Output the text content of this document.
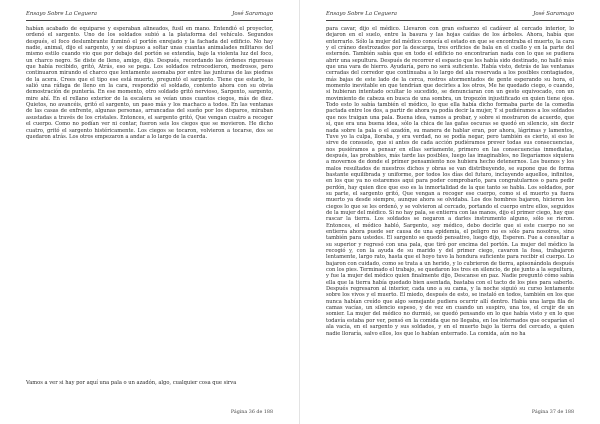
Ensayo Sobre La Ceguera	José Saramago
habían acabado de equiparse y esperaban alineados, fusil en mano. Entendió el proyector, ordenó el sargento. Uno de los soldados subió a la plataforma del vehículo. Segundos después, el foco deslumbrante iluminó el portón enrejado y la fachada del edificio. No hay nadie, animal, dijo el sargento, y se dispuso a soltar unas cuantas animalades militares del mismo estilo cuando vio que por debajo del portón se extendía, bajo la violenta luz del foco, un charco negro. Se diste de lleno, amigo, dijo. Después, recordando las órdenes rigurosas que había recibido, gritó, Atrás, eso se pega. Los soldados retrocedieron, medrosos, pero continuaron mirando el charco que lentamente asomaba por entre las junturas de las piedras de la acera. Crees que el tipo ese está muerto, preguntó el sargento. Tiene que estarlo, le salió una ráfaga de lleno en la cara, respondió el soldado, contento ahora con su obvia demostración de puntería. En ese momento, otro soldado gritó nervioso, Sargento, sargento, mire ahí. En el rellano exterior de la escalera se veían unos cuantos ciegos, más de diez. Quietos, no avancéis, gritó el sargento, un paso más y los machaco a todos. En las ventanas de las casas de enfrente, algunas personas, arrancadas del sueño por los disparos, miraban asustadas a través de los cristales. Entonces, el sargento gritó, Que vengan cuatro a recoger el cuerpo. Como no podían ver ni contar, fueron seis los ciegos que se movieron. He dicho cuatro, gritó el sargento histéricamente. Los ciegos se tocaron, volvieron a tocarse, dos se quedaron atrás. Los otros empezaron a andar a lo largo de la cuerda.
Vamos a ver si hay por aquí una pala o un azadón, algo, cualquier cosa que sirva
Página 36 de 188
Ensayo Sobre La Ceguera	José Saramago
para cavar, dijo el médico. Llevaron con gran esfuerzo el cadáver al cercado interior, lo dejaron en el suelo, entre la basura y las hojas caídas de los árboles. Ahora, había que enterrarlo. Sólo la mujer del médico conocía el estado en que se encontraba el muerto, la cara y el cráneo destrozados por la descarga, tres orificios de bala en el cuello y en la parte del esternón. También sabía que en todo el edificio no encontrarían nada con lo que se pudiera abrir una sepultura. Después de recorrer el espacio que les había sido destinado, no halló más que una vara de hierro. Ayudaría, pero no será suficiente. Había visto, detrás de las ventanas cerradas del corredor que continuaba a lo largo del ala reservada a los posibles contagiados, más bajas de este lado de la cerca, rostros atormentados de gente esperando su hora, el momento inevitable en que tendrían que decirles a los otros, Me he quedado ciego, o cuando, si hubieran intentado ocultar lo sucedido, se denunciaran con un gesto equivocado, con un movimiento de cabeza en busca de una sombra, un tropezón injustificado en quien tiene ojos. Todo esto lo sabía también el médico, lo que ella había dicho formaba parte de la comedia pactada entre los dos, a partir de ahora ya podía decir la mujer, Y si pudiéramos a los soldados que nos traigan una pala. Buena idea, vamos a probar, y sobre si mostraron de acuerdo, que sí, que era una buena idea, sólo la chica de las gafas oscuras se quedó en silencio, sin decir nada sobre la pala o el azadón, su manera de hablar eran, por ahora, lágrimas y lamentos, Tuve yo la culpa, lloraba, y era verdad, no se podía negar, pero también es cierto, si eso le sirve de consuelo, que si antes de cada acción pudiéramos prever todas sus consecuencias, nos pusiéramos a pensar en ellas seriamente, primero en las consecuencias inmediatas, después, las probables, más tarde las posibles, luego las imaginables, no llegaríamos siquiera a movernos de donde el primer pensamiento nos hubiera hecho detenernos. Los buenos y los malos resultados de nuestros dichos y obras se van distribuyendo, se supone que de forma bastante equilibrada y uniforme, por todos los días del futuro, incluyendo aquellos, infinitos, en los que ya no estaremos aquí para poder comprobarlo, para congratularnos o para pedir perdón, hay quien dice que eso es la inmortalidad de la que tanto se habla. Los soldados, por su parte, el sargento gritó, Que vengan a recoger ese cuerpo, como si el muerto ya fuera muerto ya desde siempre, aunque ahora se olvidaba. Los dos hombres bajaron, hicieron los ciegos lo que se les ordenó, y se volvieron al cercado, portando el cuerpo entre ellos, seguidos de la mujer del médico. Si no hay pala, se entierra con las manos, dijo el primer ciego, hay que rascar la tierra. Los soldados se negaron a darles instrumento alguno, sólo se rieron. Entonces, el médico habló, Sargento, soy médico, debo decirle que si este cuerpo no se entierra ahora puede ser causa de una epidemia, el peligro no es sólo para nosotros, sino también para ustedes. El sargento se quedó pensativo, luego dijo, Esperen. Fue a consultar a su superior y regresó con una pala, que tiró por encima del portón. La mujer del médico la recogió y, con la ayuda de su marido y del primer ciego, cavaron la fosa, trabajaron lentamente, largo rato, hasta que el hoyo tuvo la hondura suficiente para recibir el cuerpo. Lo bajaron con cuidado, como se trata a un herido, y lo cubrieron de tierra, apisonándola después con los pies. Terminado el trabajo, se quedaron los tres en silencio, de pie junto a la sepultura, y fue la mujer del médico quien finalmente dijo, Descanse en paz. Nadie preguntó cómo sabía ella que la tierra había quedado bien asentada, bastaba con el tacto de los pies para saberlo. Después regresaron al interior, cada uno a su cama, y la noche siguió su curso lentamente sobre los vivos y el muerto. El miedo, después de esto, se instaló en todos, también en los que nunca habían creído que algo semejante pudiera ocurrir allí dentro. Había una larga fila de camas vacías, un silencio espeso, y de vez en cuando un suspiro, una tos, el crujir de un somier. La mujer del médico no durmió, se quedó pensando en lo que había visto y en lo que todavía estaba por ver, pensó en la comida que no llegaba, en los internados que ocuparían el ala vacía, en el sargento y sus soldados, y en el muerto bajo la tierra del cercado, a quien nadie lloraría, salvo ellos, los que lo habían enterrado. La comida, aún no ha
Página 37 de 188
